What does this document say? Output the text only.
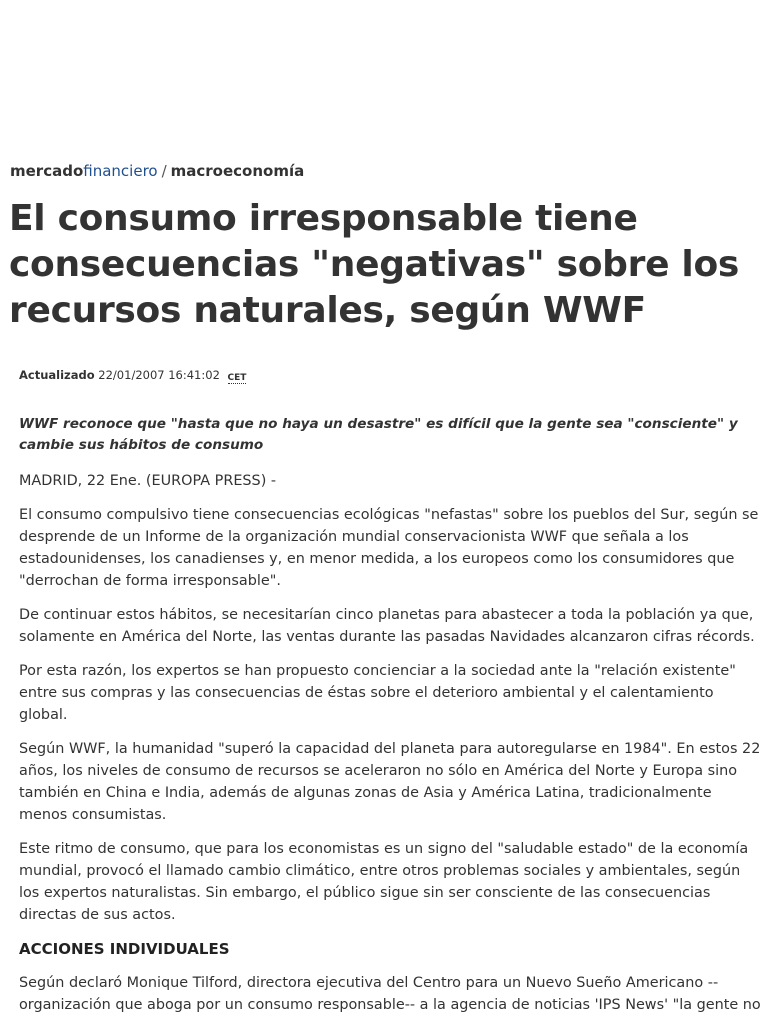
mercadofinanciero / macroeconomía
El consumo irresponsable tiene consecuencias "negativas" sobre los recursos naturales, según WWF
Actualizado 22/01/2007 16:41:02 CET

WWF reconoce que "hasta que no haya un desastre" es difícil que la gente sea "consciente" y cambie sus hábitos de consumo

MADRID, 22 Ene. (EUROPA PRESS) -

El consumo compulsivo tiene consecuencias ecológicas "nefastas" sobre los pueblos del Sur, según se desprende de un Informe de la organización mundial conservacionista WWF que señala a los estadounidenses, los canadienses y, en menor medida, a los europeos como los consumidores que "derrochan de forma irresponsable".

De continuar estos hábitos, se necesitarían cinco planetas para abastecer a toda la población ya que, solamente en América del Norte, las ventas durante las pasadas Navidades alcanzaron cifras récords.

Por esta razón, los expertos se han propuesto concienciar a la sociedad ante la "relación existente" entre sus compras y las consecuencias de éstas sobre el deterioro ambiental y el calentamiento global.

Según WWF, la humanidad "superó la capacidad del planeta para autoregularse en 1984". En estos 22 años, los niveles de consumo de recursos se aceleraron no sólo en América del Norte y Europa sino también en China e India, además de algunas zonas de Asia y América Latina, tradicionalmente menos consumistas.

Este ritmo de consumo, que para los economistas es un signo del "saludable estado" de la economía mundial, provocó el llamado cambio climático, entre otros problemas sociales y ambientales, según los expertos naturalistas. Sin embargo, el público sigue sin ser consciente de las consecuencias directas de sus actos.

ACCIONES INDIVIDUALES

Según declaró Monique Tilford, directora ejecutiva del Centro para un Nuevo Sueño Americano --organización que aboga por un consumo responsable-- a la agencia de noticias 'IPS News' "la gente no
